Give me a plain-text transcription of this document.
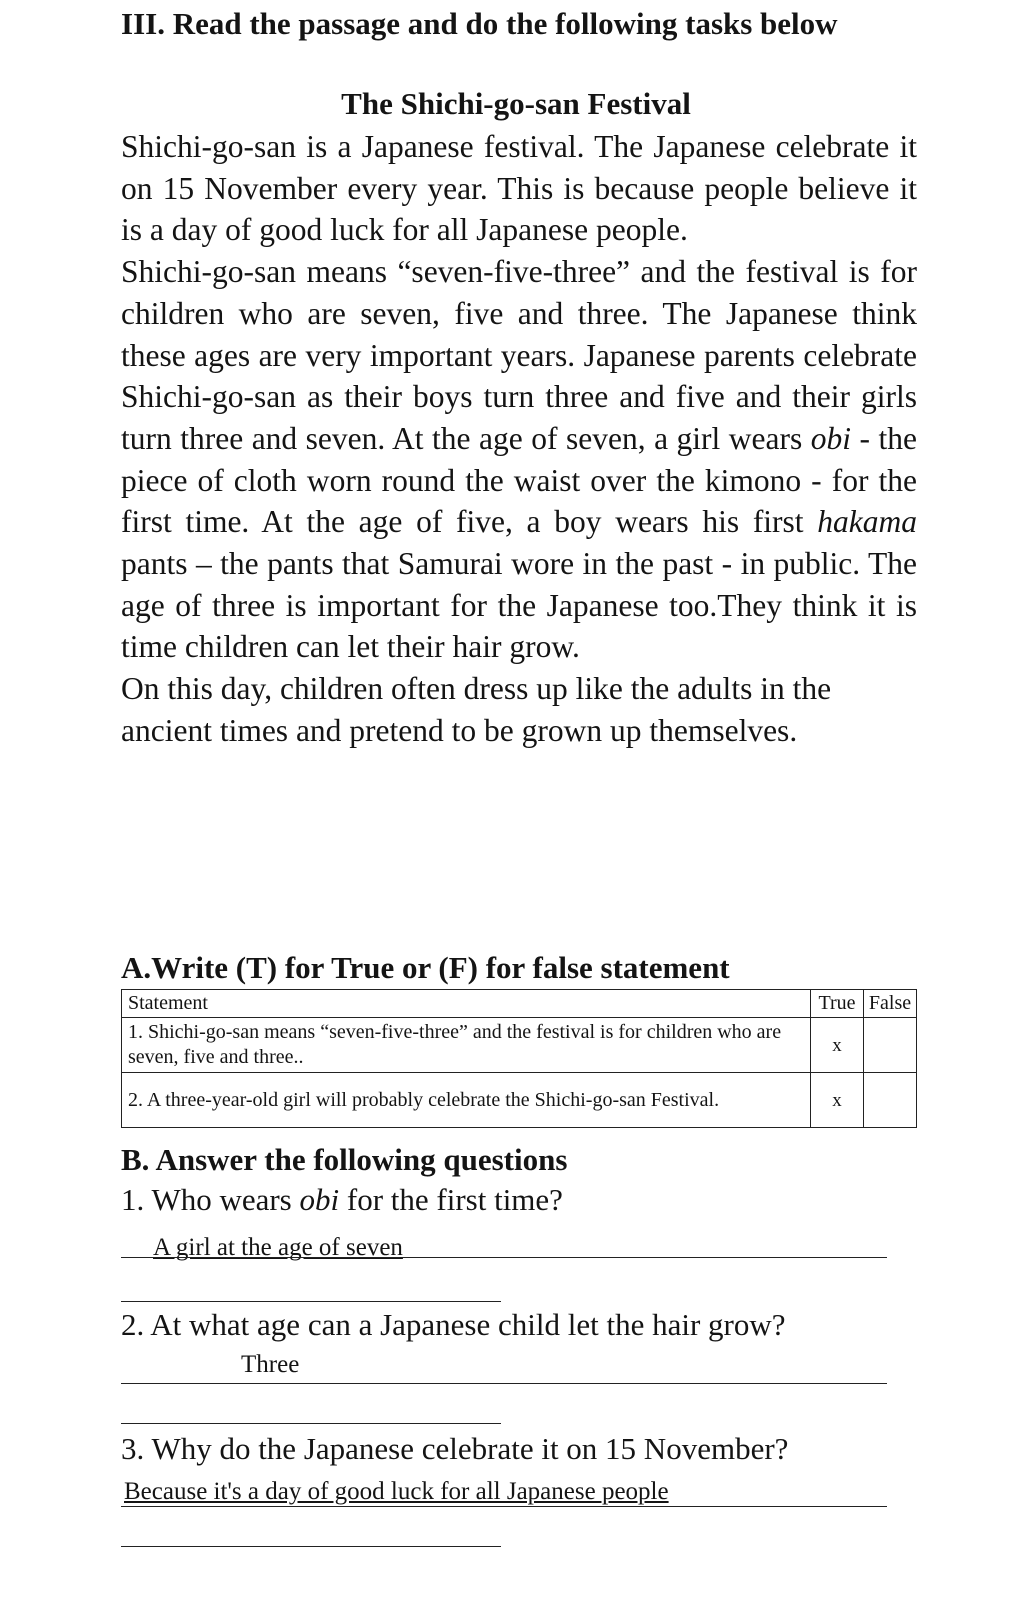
III. Read the passage and do the following tasks below
The Shichi-go-san Festival

Shichi-go-san is a Japanese festival. The Japanese celebrate it on 15 November every year. This is because people believe it is a day of good luck for all Japanese people.

Shichi-go-san means “seven-five-three” and the festival is for children who are seven, five and three. The Japanese think these ages are very important years. Japanese parents celebrate Shichi-go-san as their boys turn three and five and their girls turn three and seven. At the age of seven, a girl wears obi - the piece of cloth worn round the waist over the kimono - for the first time. At the age of five, a boy wears his first hakama pants – the pants that Samurai wore in the past - in public. The age of three is important for the Japanese too.They think it is time children can let their hair grow.

On this day, children often dress up like the adults in the ancient times and pretend to be grown up themselves.

A.Write (T) for True or (F) for false statement
Statement	True	False
1. Shichi-go-san means “seven-five-three” and the festival is for children who are seven, five and three..	x	
2. A three-year-old girl will probably celebrate the Shichi-go-san Festival.	x	
B. Answer the following questions
1. Who wears obi for the first time?
A girl at the age of seven
2. At what age can a Japanese child let the hair grow?
Three
3. Why do the Japanese celebrate it on 15 November?
Because it's a day of good luck for all Japanese people
